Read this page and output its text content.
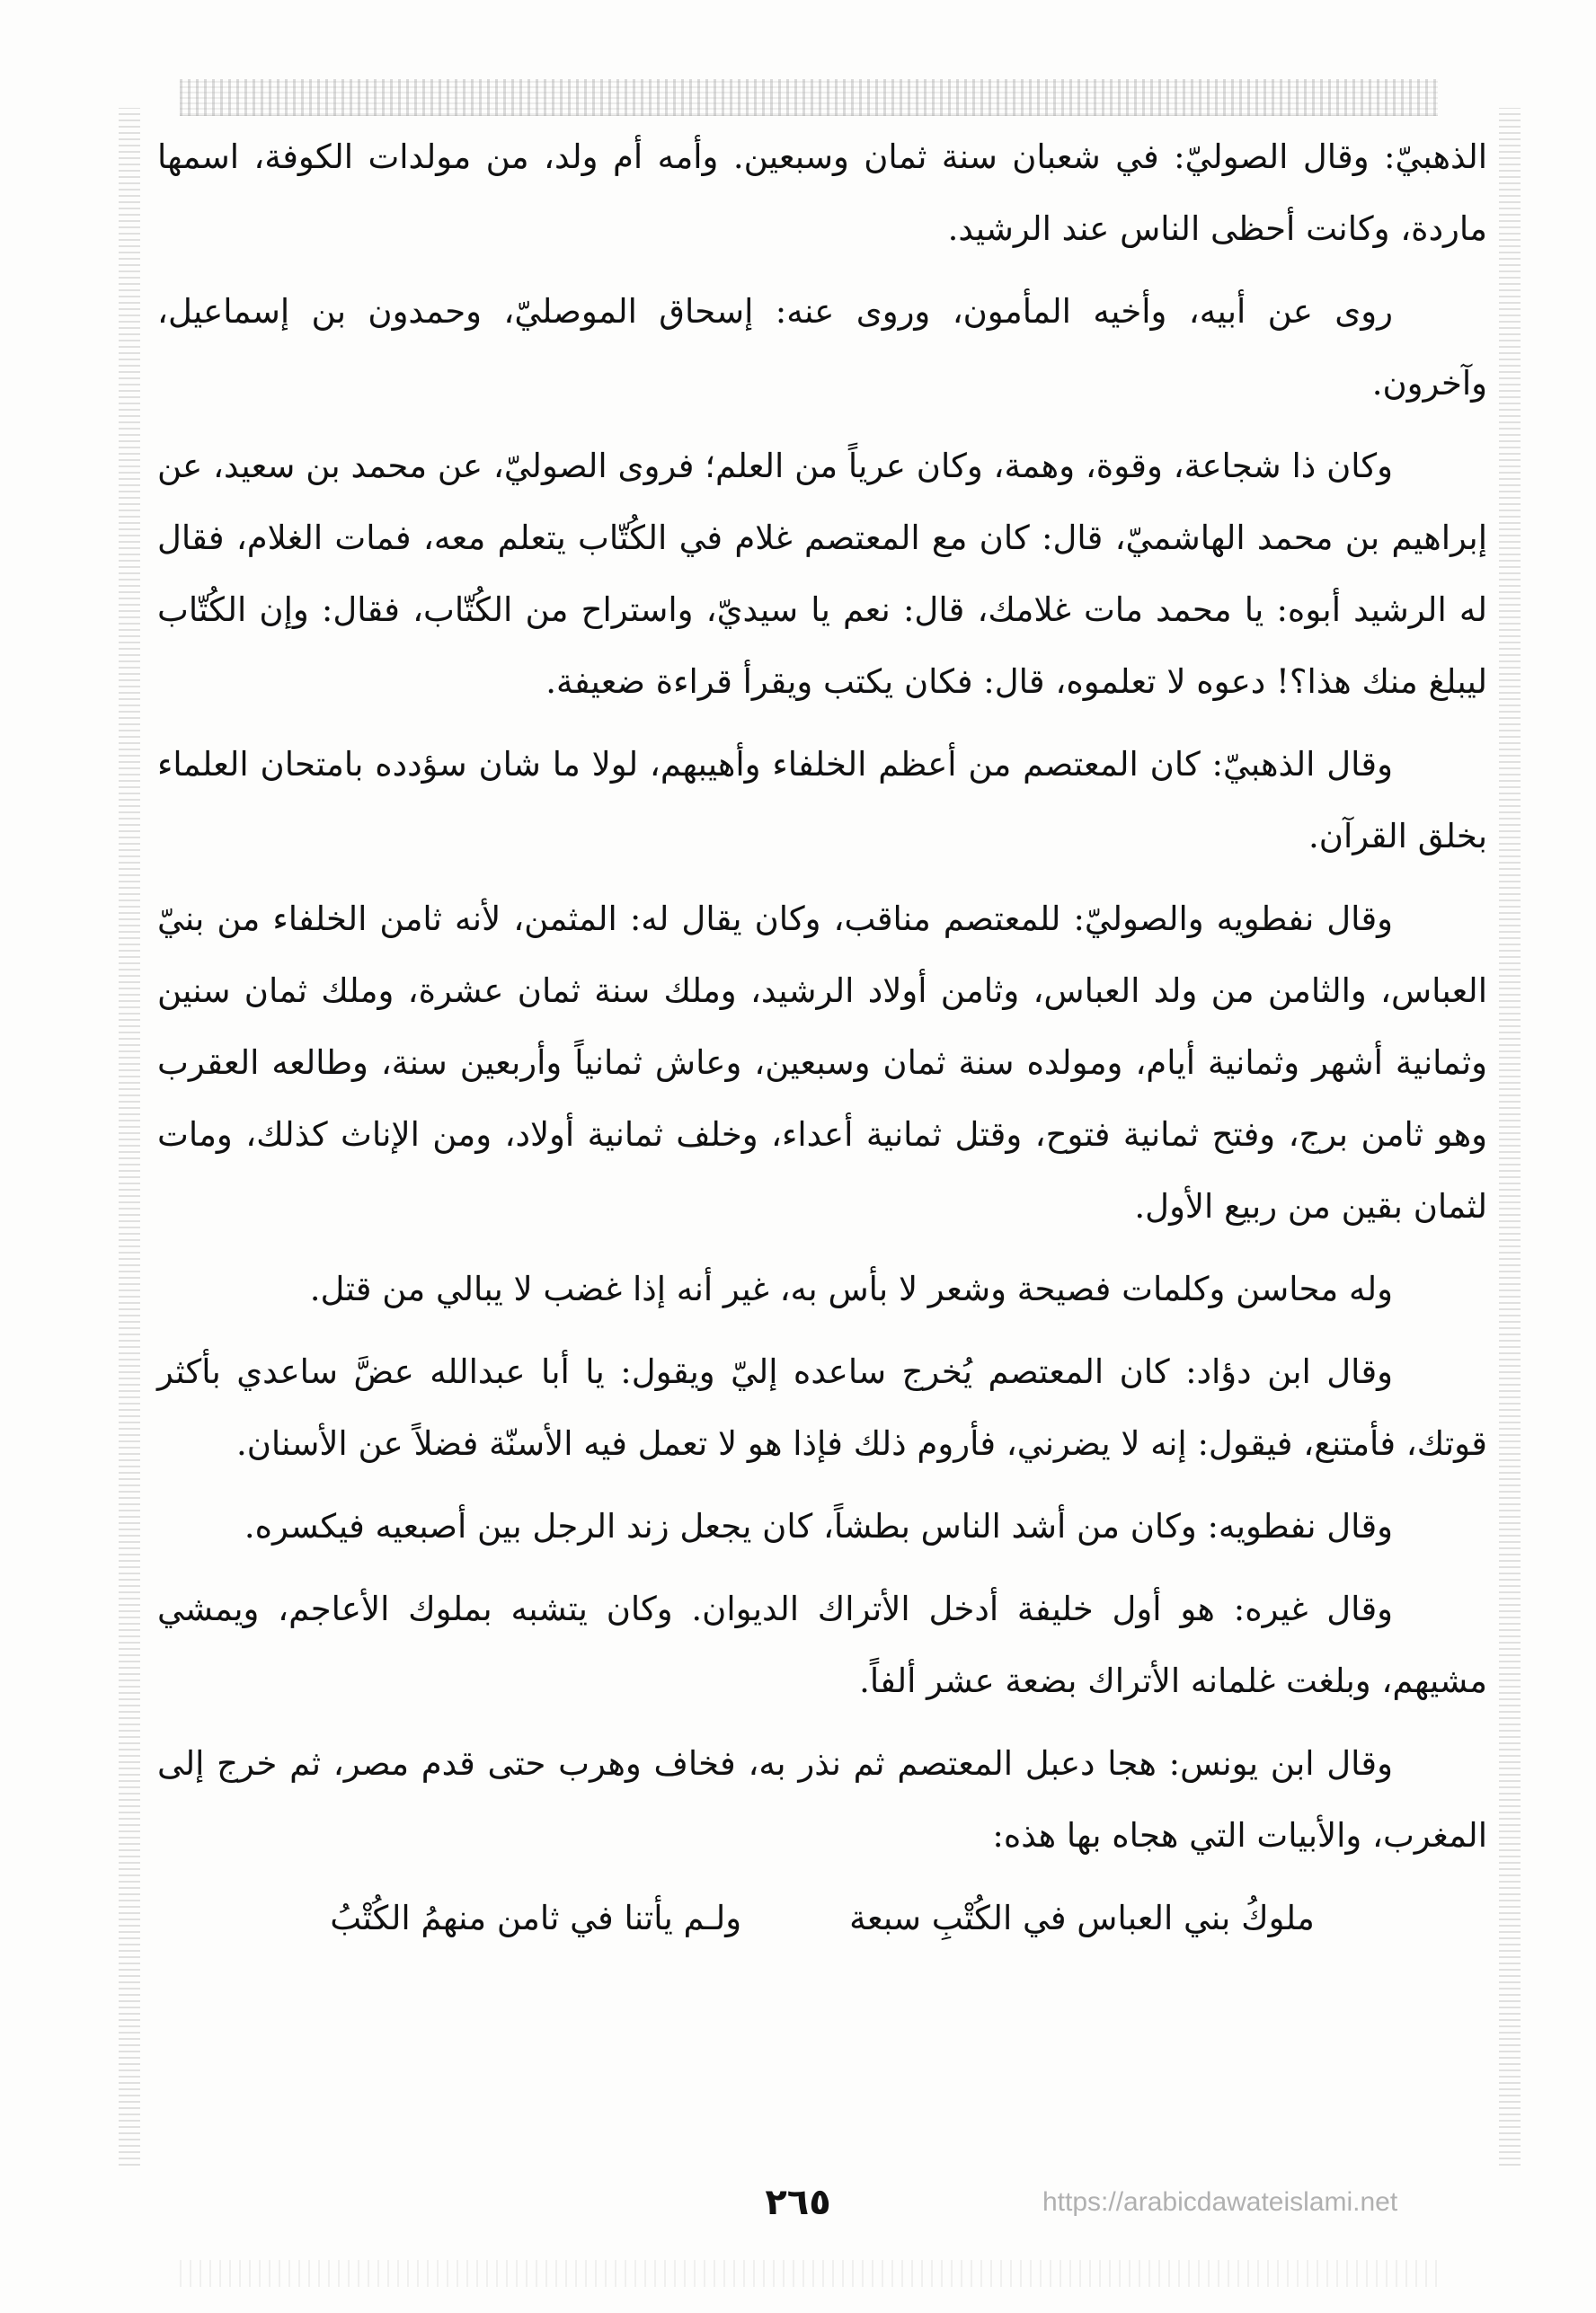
الذهبيّ: وقال الصوليّ: في شعبان سنة ثمان وسبعين. وأمه أم ولد، من مولدات الكوفة، اسمها ماردة، وكانت أحظى الناس عند الرشيد.

روى عن أبيه، وأخيه المأمون، وروى عنه: إسحاق الموصليّ، وحمدون بن إسماعيل، وآخرون.

وكان ذا شجاعة، وقوة، وهمة، وكان عرياً من العلم؛ فروى الصوليّ، عن محمد بن سعيد، عن إبراهيم بن محمد الهاشميّ، قال: كان مع المعتصم غلام في الكُتّاب يتعلم معه، فمات الغلام، فقال له الرشيد أبوه: يا محمد مات غلامك، قال: نعم يا سيديّ، واستراح من الكُتّاب، فقال: وإن الكُتّاب ليبلغ منك هذا؟! دعوه لا تعلموه، قال: فكان يكتب ويقرأ قراءة ضعيفة.

وقال الذهبيّ: كان المعتصم من أعظم الخلفاء وأهيبهم، لولا ما شان سؤدده بامتحان العلماء بخلق القرآن.

وقال نفطويه والصوليّ: للمعتصم مناقب، وكان يقال له: المثمن، لأنه ثامن الخلفاء من بنيّ العباس، والثامن من ولد العباس، وثامن أولاد الرشيد، وملك سنة ثمان عشرة، وملك ثمان سنين وثمانية أشهر وثمانية أيام، ومولده سنة ثمان وسبعين، وعاش ثمانياً وأربعين سنة، وطالعه العقرب وهو ثامن برج، وفتح ثمانية فتوح، وقتل ثمانية أعداء، وخلف ثمانية أولاد، ومن الإناث كذلك، ومات لثمان بقين من ربيع الأول.

وله محاسن وكلمات فصيحة وشعر لا بأس به، غير أنه إذا غضب لا يبالي من قتل.

وقال ابن دؤاد: كان المعتصم يُخرج ساعده إليّ ويقول: يا أبا عبدالله عضَّ ساعدي بأكثر قوتك، فأمتنع، فيقول: إنه لا يضرني، فأروم ذلك فإذا هو لا تعمل فيه الأسنّة فضلاً عن الأسنان.

وقال نفطويه: وكان من أشد الناس بطشاً، كان يجعل زند الرجل بين أصبعيه فيكسره.

وقال غيره: هو أول خليفة أدخل الأتراك الديوان. وكان يتشبه بملوك الأعاجم، ويمشي مشيهم، وبلغت غلمانه الأتراك بضعة عشر ألفاً.

وقال ابن يونس: هجا دعبل المعتصم ثم نذر به، فخاف وهرب حتى قدم مصر، ثم خرج إلى المغرب، والأبيات التي هجاه بها هذه:

ملوكُ بني العباس في الكُتْبِ سبعة
ولـم يأتنا في ثامن منهمُ الكُتْبُ
٢٦٥	https://arabicdawateislami.net
